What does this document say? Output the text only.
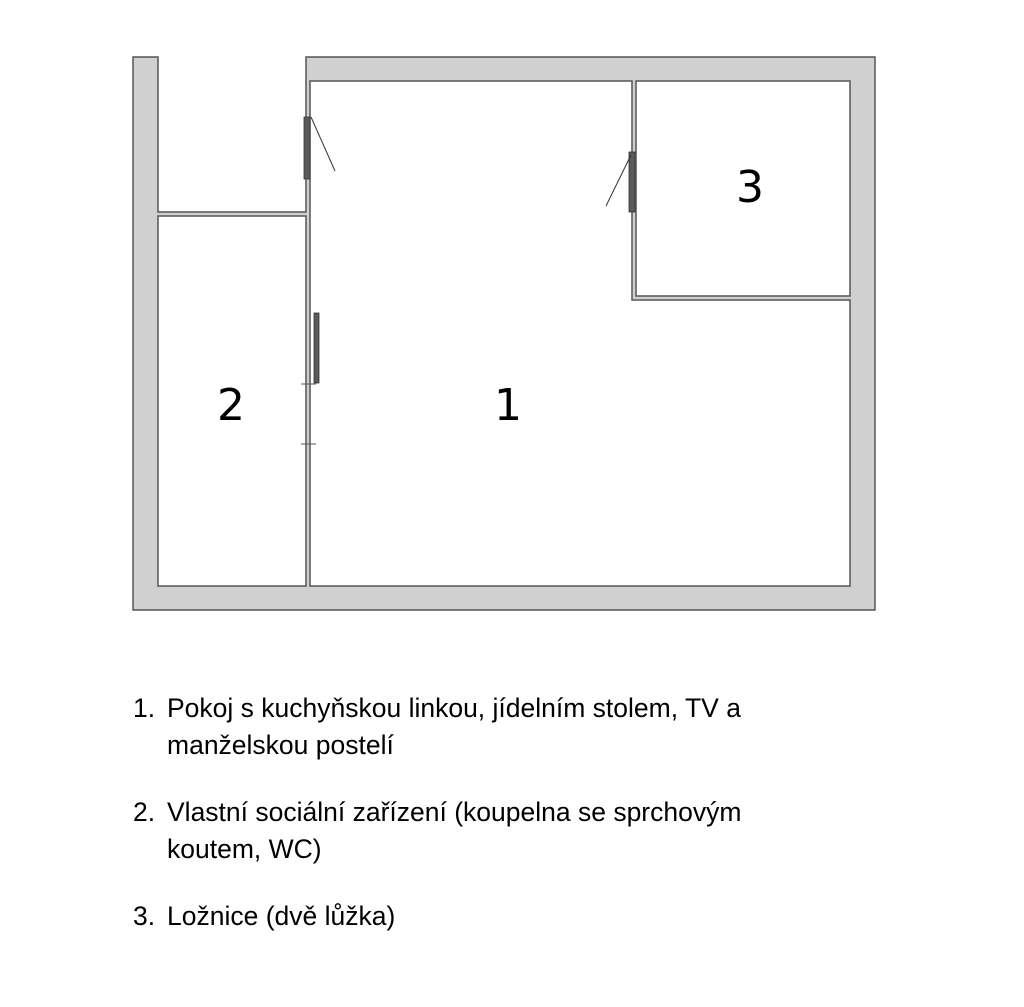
1
2
3
1. Pokoj s kuchyňskou linkou, jídelním stolem, TV a manželskou postelí
2. Vlastní sociální zařízení (koupelna se sprchovým koutem, WC)
3. Ložnice (dvě lůžka)
